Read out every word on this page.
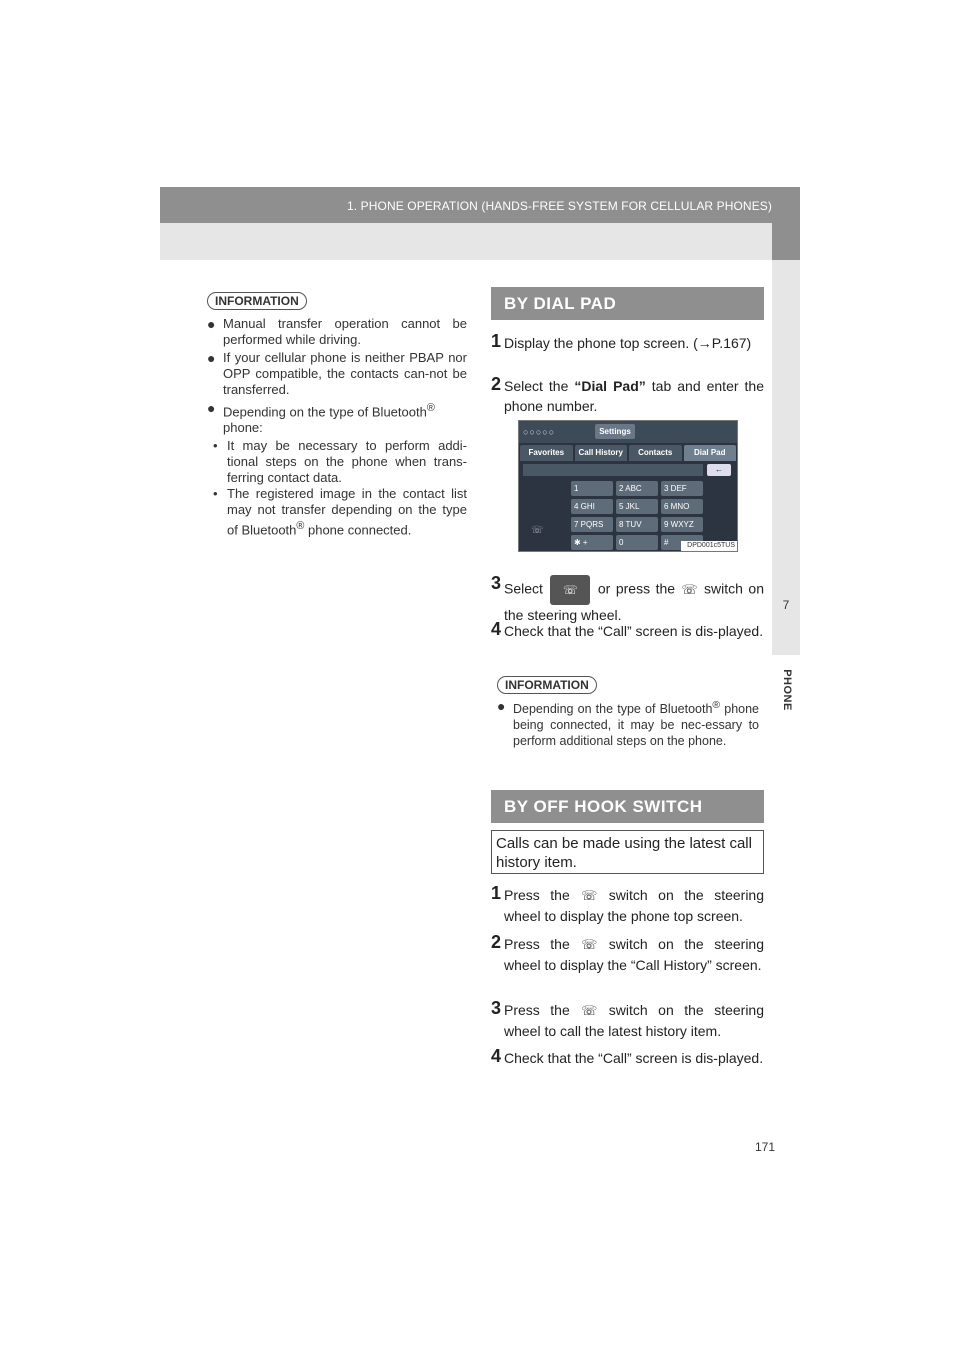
1. PHONE OPERATION (HANDS-FREE SYSTEM FOR CELLULAR PHONES)
7
PHONE
INFORMATION
● Manual transfer operation cannot be performed while driving.
● If your cellular phone is neither PBAP nor OPP compatible, the contacts can-not be transferred.
● Depending on the type of Bluetooth®
phone:
• It may be necessary to perform addi-tional steps on the phone when trans-ferring contact data.
• The registered image in the contact list may not transfer depending on the type of Bluetooth® phone connected.
BY DIAL PAD
1 Display the phone top screen. (→P.167)
2 Select the “Dial Pad” tab and enter the phone number.
○○○○○	Settings
Favorites	Call History	Contacts	Dial Pad
←
1	2 ABC	3 DEF
4 GHI	5 JKL	6 MNO
7 PQRS	8 TUV	9 WXYZ
✱ +	0	#
☏
DPD001c5TUS
3 Select ☏ or press the ☏ switch on the steering wheel.
4 Check that the “Call” screen is dis-played.
INFORMATION
● Depending on the type of Bluetooth® phone being connected, it may be nec-essary to perform additional steps on the phone.
BY OFF HOOK SWITCH
Calls can be made using the latest call history item.
1 Press the ☏ switch on the steering wheel to display the phone top screen.
2 Press the ☏ switch on the steering wheel to display the “Call History” screen.
3 Press the ☏ switch on the steering wheel to call the latest history item.
4 Check that the “Call” screen is dis-played.
171
